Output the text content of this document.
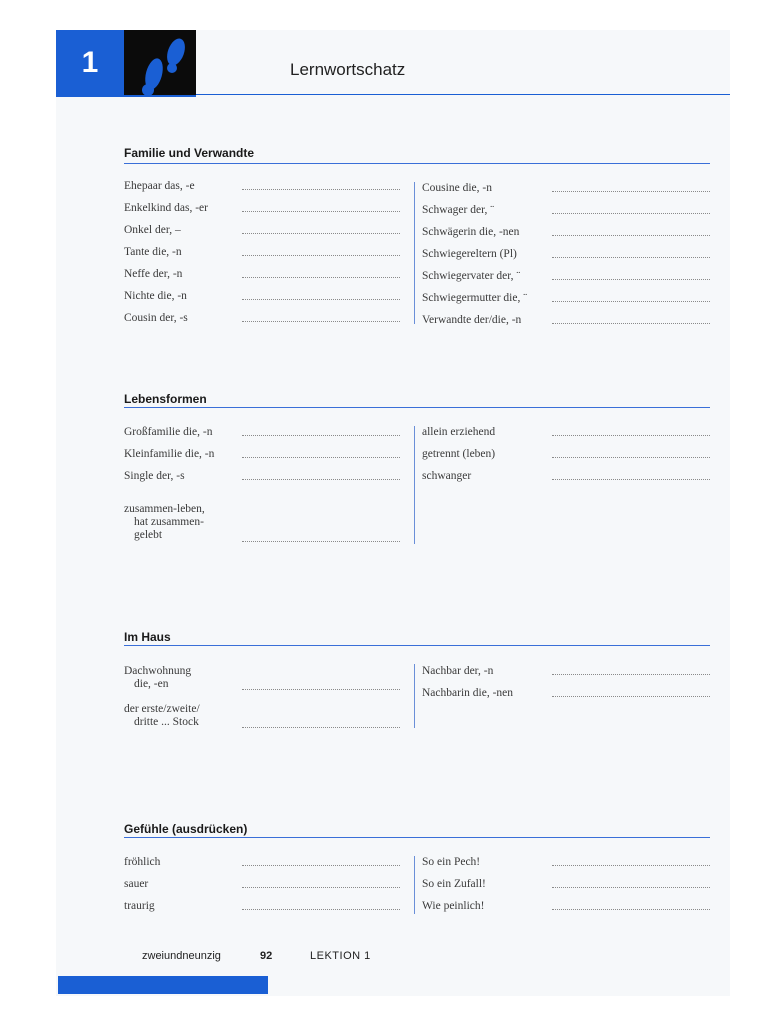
1	Lernwortschatz
Familie und Verwandte
Ehepaar das, -e
Enkelkind das, -er
Onkel der, –
Tante die, -n
Neffe der, -n
Nichte die, -n
Cousin der, -s
Cousine die, -n
Schwager der, ¨
Schwägerin die, -nen
Schwiegereltern (Pl)
Schwiegervater der, ¨
Schwiegermutter die, ¨
Verwandte der/die, -n
Lebensformen
Großfamilie die, -n
Kleinfamilie die, -n
Single der, -s
zusammen-leben,
hat zusammen-
gelebt
allein erziehend
getrennt (leben)
schwanger
Im Haus
Dachwohnung
die, -en
der erste/zweite/
dritte ... Stock
Nachbar der, -n
Nachbarin die, -nen
Gefühle (ausdrücken)
fröhlich
sauer
traurig
So ein Pech!
So ein Zufall!
Wie peinlich!
zweiundneunzig	92	LEKTION 1
